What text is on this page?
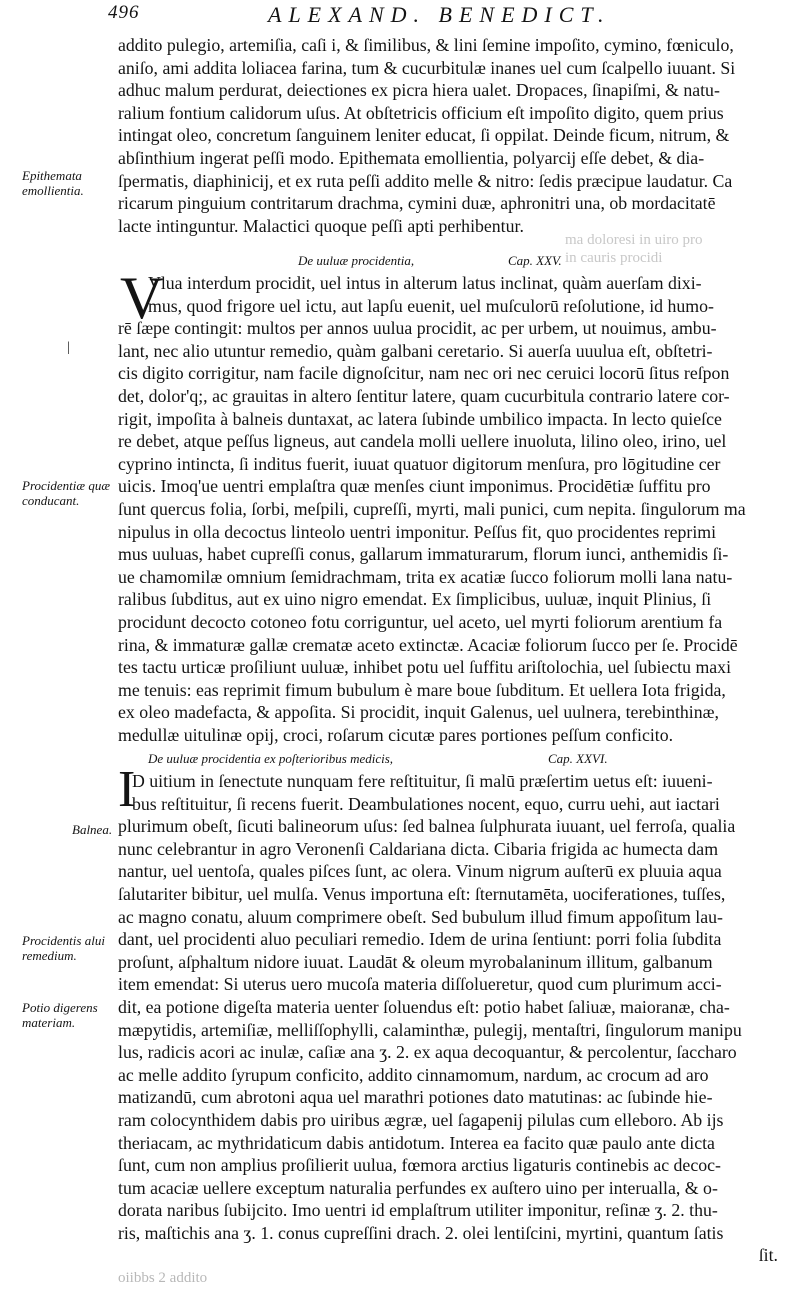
496	ALEXAND. BENEDICT.
ma doloresi in uiro pro
in cauris procidi
addito pulegio, artemiſia, caſi i, & ſimilibus, & lini ſemine impoſito, cymino, fœniculo,
aniſo, ami addita loliacea farina, tum & cucurbitulæ inanes uel cum ſcalpello iuuant. Si
adhuc malum perdurat, deiectiones ex picra hiera ualet. Dropaces, ſinapiſmi, & natu-
ralium fontium calidorum uſus. At obſtetricis officium eſt impoſito digito, quem prius
intingat oleo, concretum ſanguinem leniter educat, ſi oppilat. Deinde ficum, nitrum, &
abſinthium ingerat peſſi modo. Epithemata emollientia, polyarcij eſſe debet, & dia-
ſpermatis, diaphinicij, et ex ruta peſſi addito melle & nitro: ſedis præcipue laudatur. Ca
ricarum pinguium contritarum drachma, cymini duæ, aphronitri una, ob mordacitatē
lacte intinguntur. Malactici quoque peſſi apti perhibentur.
De uuluæ procidentia,	Cap. XXV.
V
Vlua interdum procidit, uel intus in alterum latus inclinat, quàm auerſam dixi-
mus, quod frigore uel ictu, aut lapſu euenit, uel muſculorū reſolutione, id humo-
rē ſæpe contingit: multos per annos uulua procidit, ac per urbem, ut nouimus, ambu-
lant, nec alio utuntur remedio, quàm galbani ceretario. Si auerſa uuulua eſt, obſtetri-
cis digito corrigitur, nam facile dignoſcitur, nam nec ori nec ceruici locorū ſitus reſpon
det, dolor'q;, ac grauitas in altero ſentitur latere, quam cucurbitula contrario latere cor-
rigit, impoſita à balneis duntaxat, ac latera ſubinde umbilico impacta. In lecto quieſce
re debet, atque peſſus ligneus, aut candela molli uellere inuoluta, lilino oleo, irino, uel
cyprino intincta, ſi inditus fuerit, iuuat quatuor digitorum menſura, pro lōgitudine cer
uicis. Imoq'ue uentri emplaſtra quæ menſes ciunt imponimus. Procidētiæ ſuffitu pro
ſunt quercus folia, ſorbi, meſpili, cupreſſi, myrti, mali punici, cum nepita. ſingulorum ma
nipulus in olla decoctus linteolo uentri imponitur. Peſſus fit, quo procidentes reprimi
mus uuluas, habet cupreſſi conus, gallarum immaturarum, florum iunci, anthemidis ſi-
ue chamomilæ omnium ſemidrachmam, trita ex acatiæ ſucco foliorum molli lana natu-
ralibus ſubditus, aut ex uino nigro emendat. Ex ſimplicibus, uuluæ, inquit Plinius, ſi
procidunt decocto cotoneo fotu corriguntur, uel aceto, uel myrti foliorum arentium fa
rina, & immaturæ gallæ crematæ aceto extinctæ. Acaciæ foliorum ſucco per ſe. Procidē
tes tactu urticæ proſiliunt uuluæ, inhibet potu uel ſuffitu ariſtolochia, uel ſubiectu maxi
me tenuis: eas reprimit fimum bubulum è mare boue ſubditum. Et uellera Iota frigida,
ex oleo madefacta, & appoſita. Si procidit, inquit Galenus, uel uulnera, terebinthinæ,
medullæ uitulinæ opij, croci, roſarum cicutæ pares portiones peſſum conficito.
De uuluæ procidentia ex poſterioribus medicis,	Cap. XXVI.
I
D uitium in ſenectute nunquam fere reſtituitur, ſi malū præſertim uetus eſt: iuueni-
bus reſtituitur, ſi recens fuerit. Deambulationes nocent, equo, curru uehi, aut iactari
plurimum obeſt, ſicuti balineorum uſus: ſed balnea ſulphurata iuuant, uel ferroſa, qualia
nunc celebrantur in agro Veronenſi Caldariana dicta. Cibaria frigida ac humecta dam
nantur, uel uentoſa, quales piſces ſunt, ac olera. Vinum nigrum auſterū ex pluuia aqua
ſalutariter bibitur, uel mulſa. Venus importuna eſt: ſternutamēta, uociferationes, tuſſes,
ac magno conatu, aluum comprimere obeſt. Sed bubulum illud fimum appoſitum lau-
dant, uel procidenti aluo peculiari remedio. Idem de urina ſentiunt: porri folia ſubdita
proſunt, aſphaltum nidore iuuat. Laudāt & oleum myrobalaninum illitum, galbanum
item emendat: Si uterus uero mucoſa materia diſſolueretur, quod cum plurimum acci-
dit, ea potione digeſta materia uenter ſoluendus eſt: potio habet ſaliuæ, maioranæ, cha-
mæpytidis, artemiſiæ, melliſſophylli, calaminthæ, pulegij, mentaſtri, ſingulorum manipu
lus, radicis acori ac inulæ, caſiæ ana ʒ. 2. ex aqua decoquantur, & percolentur, ſaccharo
ac melle addito ſyrupum conficito, addito cinnamomum, nardum, ac crocum ad aro
matizandū, cum abrotoni aqua uel marathri potiones dato matutinas: ac ſubinde hie-
ram colocynthidem dabis pro uiribus ægræ, uel ſagapenij pilulas cum elleboro. Ab ijs
theriacam, ac mythridaticum dabis antidotum. Interea ea facito quæ paulo ante dicta
ſunt, cum non amplius proſilierit uulua, fœmora arctius ligaturis continebis ac decoc-
tum acaciæ uellere exceptum naturalia perfundes ex auſtero uino per interualla, & o-
dorata naribus ſubijcito. Imo uentri id emplaſtrum utiliter imponitur, reſinæ ʒ. 2. thu-
ris, maſtichis ana ʒ. 1. conus cupreſſini drach. 2. olei lentiſcini, myrtini, quantum ſatis
ſit.
Epithemata emollientia.
|
Procidentiæ quæ conducant.
Balnea.
Procidentis alui remedium.
Potio digerens materiam.
oiibbs 2 addito
